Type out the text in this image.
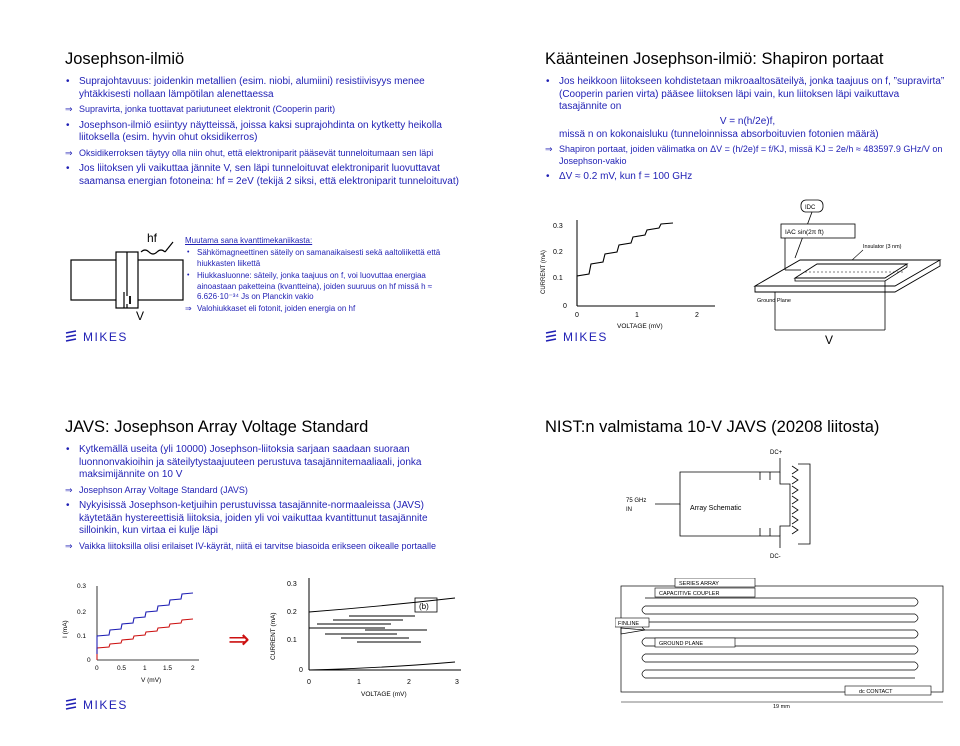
Josephson-ilmiö

• Suprajohtavuus: joidenkin metallien (esim. niobi, alumiini) resistiivisyys menee yhtäkkisesti nollaan lämpötilan alenettaessa

⇒ Supravirta, jonka tuottavat pariutuneet elektronit (Cooperin parit)

• Josephson-ilmiö esiintyy näytteissä, joissa kaksi suprajohdinta on kytketty heikolla liitoksella (esim. hyvin ohut oksidikerros)

⇒ Oksidikerroksen täytyy olla niin ohut, että elektroniparit pääsevät tunneloitumaan sen läpi

• Jos liitoksen yli vaikuttaa jännite V, sen läpi tunneloituvat elektroniparit luovuttavat saamansa energian fotoneina: hf = 2eV (tekijä 2 siksi, että elektroniparit tunneloituvat)

hf
V
Muutama sana kvanttimekaniikasta:
• Sähkömagneettinen säteily on samanaikaisesti sekä aaltoliikettä että hiukkasten liikettä
• Hiukkasluonne: säteily, jonka taajuus on f, voi luovuttaa energiaa ainoastaan paketteina (kvantteina), joiden suuruus on hf missä h ≈ 6.626·10⁻³⁴ Js on Planckin vakio
⇒ Valohiukkaset eli fotonit, joiden energia on hf
MIKES
Käänteinen Josephson-ilmiö: Shapiron portaat

• Jos heikkoon liitokseen kohdistetaan mikroaaltosäteilyä, jonka taajuus on f, ”supravirta” (Cooperin parien virta) pääsee liitoksen läpi vain, kun liitoksen läpi vaikuttava tasajännite on

V = n(h/2e)f,

missä n on kokonaisluku (tunneloinnissa absorboituvien fotonien määrä)

⇒ Shapiron portaat, joiden välimatka on ΔV = (h/2e)f = f/KJ, missä KJ = 2e/h ≈ 483597.9 GHz/V on Josephson-vakio

• ΔV ≈ 0.2 mV, kun f = 100 GHz

CURRENT (mA)
0.3
0.2
0.1
0
0	1	2
VOLTAGE (mV)
IDC
IAC sin(2π ft)
Insulator (3 nm)
Ground Plane
V
MIKES
JAVS: Josephson Array Voltage Standard

• Kytkemällä useita (yli 10000) Josephson-liitoksia sarjaan saadaan suoraan luonnonvakioihin ja säteilytystaajuuteen perustuva tasajännitemaaliaali, jonka maksimijännite on 10 V

⇒ Josephson Array Voltage Standard (JAVS)

• Nykyisissä Josephson-ketjuihin perustuvissa tasajännite-normaaleissa (JAVS) käytetään hystereettisiä liitoksia, joiden yli voi vaikuttaa kvantittunut tasajännite silloinkin, kun virtaa ei kulje läpi

⇒ Vaikka liitoksilla olisi erilaiset IV-käyrät, niitä ei tarvitse biasoida erikseen oikealle portaalle

I (mA)
0.3
0.2
0.1
0
0	0.5	1	1.5	2
V (mV)
⇒	CURRENT (mA)
0.3
0.2
0.1
0
0	1	2	3
VOLTAGE (mV)
(b)
MIKES
NIST:n valmistama 10-V JAVS (20208 liitosta)
DC+
DC-
75 GHz
IN	Array Schematic
SERIES ARRAY
CAPACITIVE COUPLER
FINLINE
GROUND PLANE
dc CONTACT
19 mm
